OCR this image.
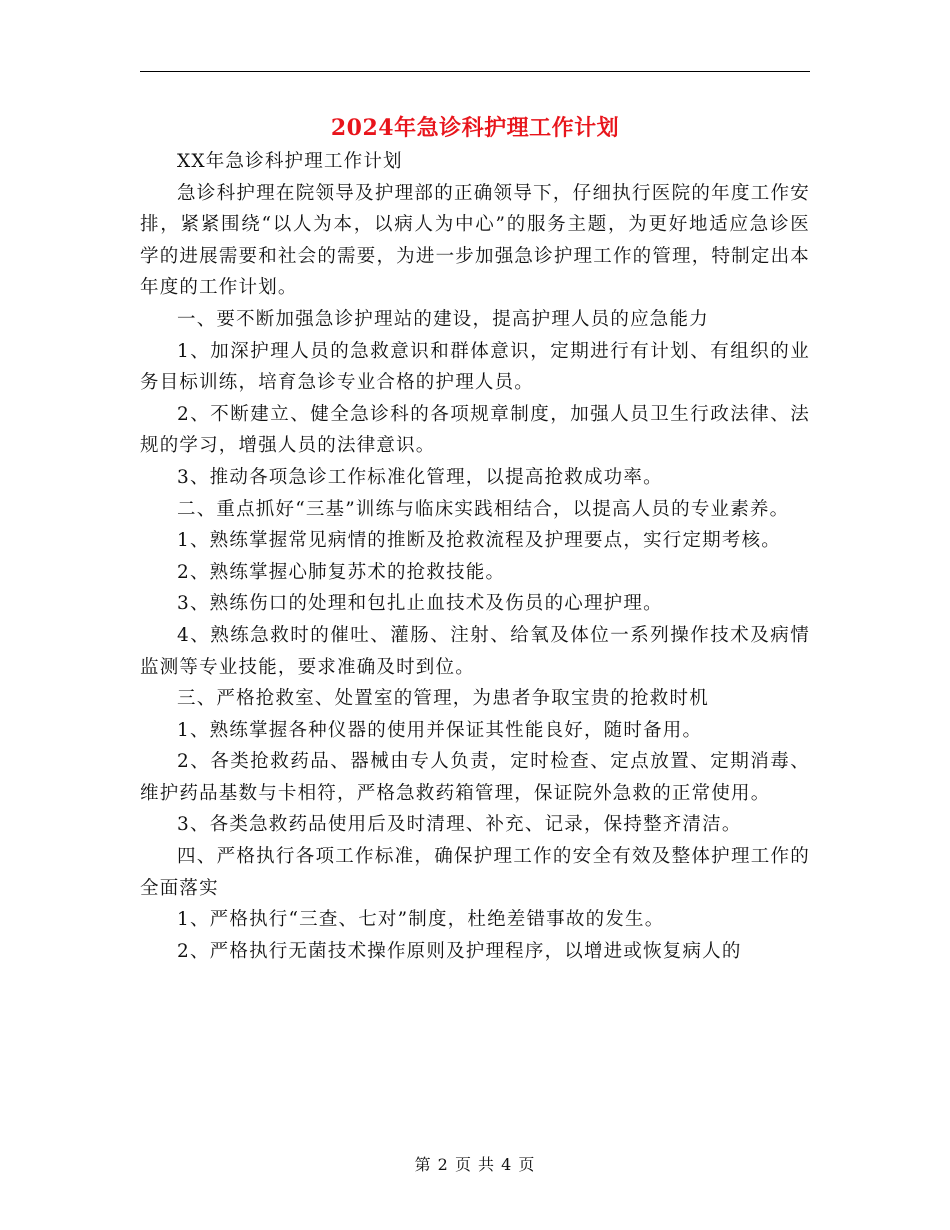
2024年急诊科护理工作计划

XX年急诊科护理工作计划

急诊科护理在院领导及护理部的正确领导下，仔细执行医院的年度工作安排，紧紧围绕“以人为本，以病人为中心”的服务主题，为更好地适应急诊医学的进展需要和社会的需要，为进一步加强急诊护理工作的管理，特制定出本年度的工作计划。

一、要不断加强急诊护理站的建设，提高护理人员的应急能力

1、加深护理人员的急救意识和群体意识，定期进行有计划、有组织的业务目标训练，培育急诊专业合格的护理人员。

2、不断建立、健全急诊科的各项规章制度，加强人员卫生行政法律、法规的学习，增强人员的法律意识。

3、推动各项急诊工作标准化管理，以提高抢救成功率。

二、重点抓好“三基”训练与临床实践相结合，以提高人员的专业素养。

1、熟练掌握常见病情的推断及抢救流程及护理要点，实行定期考核。

2、熟练掌握心肺复苏术的抢救技能。

3、熟练伤口的处理和包扎止血技术及伤员的心理护理。

4、熟练急救时的催吐、灌肠、注射、给氧及体位一系列操作技术及病情监测等专业技能，要求准确及时到位。

三、严格抢救室、处置室的管理，为患者争取宝贵的抢救时机

1、熟练掌握各种仪器的使用并保证其性能良好，随时备用。

2、各类抢救药品、器械由专人负责，定时检查、定点放置、定期消毒、维护药品基数与卡相符，严格急救药箱管理，保证院外急救的正常使用。

3、各类急救药品使用后及时清理、补充、记录，保持整齐清洁。

四、严格执行各项工作标准，确保护理工作的安全有效及整体护理工作的全面落实

1、严格执行“三查、七对”制度，杜绝差错事故的发生。

2、严格执行无菌技术操作原则及护理程序，以增进或恢复病人的

第 2 页 共 4 页
